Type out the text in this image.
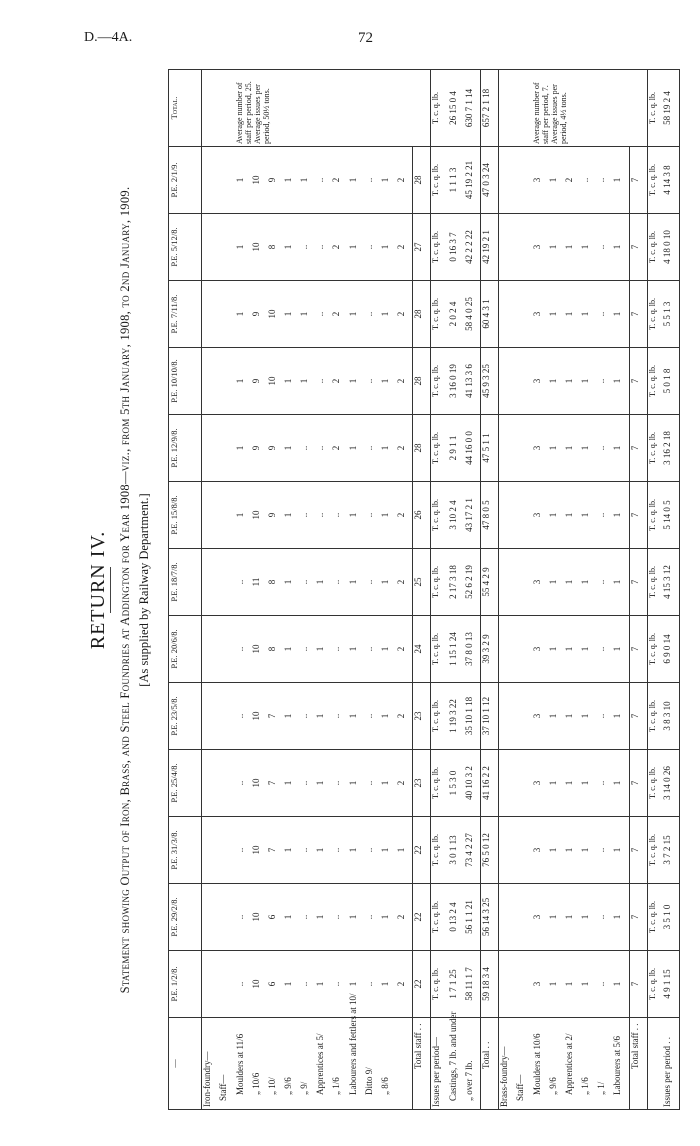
D.—4A.	72
RETURN IV. Statement showing Output of Iron, Brass, and Steel Foundries at Addington for Year 1908—viz., from 5th January, 1908, to 2nd January, 1909. [As supplied by Railway Department.]
—	P.E. 1/2/8.	P.E. 29/2/8.	P.E. 31/3/8.	P.E. 25/4/8.	P.E. 23/5/8.	P.E. 20/6/8.	P.E. 18/7/8.	P.E. 15/8/8.	P.E. 12/9/8.	P.E. 10/10/8.	P.E. 7/11/8.	P.E. 5/12/8.	P.E. 2/1/9.	Total.
Iron-foundry—														
Staff—														
Moulders at 11/6	..	..	..	..	..	..	..	1	1	1	1	1	1	Average number of staff per period, 25. Average issues per period, 50½ tons.
„ 10/6	10	10	10	10	10	10	11	10	9	9	9	10	10	
„ 10/	6	6	7	7	7	8	8	9	9	10	10	8	9	
„ 9/6	1	1	1	1	1	1	1	1	1	1	1	1	1	
„ 9/	..	..	..	..	..	..	..	..	..	1	1	..	1	
Apprentices at 5/	1	1	1	1	1	1	1	..	..	..	..	..	..	
„ 1/6	..	..	..	..	..	..	..	..	2	2	2	2	2	
Labourers and fettlers at 10/	1	1	1	1	1	1	1	1	1	1	1	1	1	
Ditto 9/	..	..	..	..	..	..	..	..	..	..	..	..	..	
„ 8/6	1	1	1	1	1	1	1	1	1	1	1	1	1	
	2	2	1	2	2	2	2	2	2	2	2	2	2	
Total staff . .	22	22	22	23	23	24	25	26	28	28	28	27	28	
Issues per period—	T. c. q. lb.	T. c. q. lb.	T. c. q. lb.	T. c. q. lb.	T. c. q. lb.	T. c. q. lb.	T. c. q. lb.	T. c. q. lb.	T. c. q. lb.	T. c. q. lb.	T. c. q. lb.	T. c. q. lb.	T. c. q. lb.	T. c. q. lb.
Castings, 7 lb. and under	1 7 1 25	0 13 2 4	3 0 1 13	1 5 3 0	1 19 3 22	1 15 1 24	2 17 3 18	3 10 2 4	2 9 1 1	3 16 0 19	2 0 2 4	0 16 3 7	1 1 1 3	26 15 0 4
„ over 7 lb.	58 11 1 7	56 1 1 21	73 4 2 27	40 10 3 2	35 10 1 18	37 8 0 13	52 6 2 19	43 17 2 1	44 16 0 0	41 13 3 6	58 4 0 25	42 2 2 22	45 19 2 21	630 7 1 14
Total . .	59 18 3 4	56 14 3 25	76 5 0 12	41 16 2 2	37 10 1 12	39 3 2 9	55 4 2 9	47 8 0 5	47 5 1 1	45 9 3 25	60 4 3 1	42 19 2 1	47 0 3 24	657 2 1 18
Brass-foundry—														
Staff—														
Moulders at 10/6	3	3	3	3	3	3	3	3	3	3	3	3	3	Average number of staff per period, 7. Average issues per period, 4½ tons.
„ 9/6	1	1	1	1	1	1	1	1	1	1	1	1	1	
Apprentices at 2/	1	1	1	1	1	1	1	1	1	1	1	1	2	
„ 1/6	1	1	1	1	1	1	1	1	1	1	1	1	..	
„ 1/	..	..	..	..	..	..	..	..	..	..	..	..	..	
Labourers at 5/6	1	1	1	1	1	1	1	1	1	1	1	1	1	
Total staff . .	7	7	7	7	7	7	7	7	7	7	7	7	7	
	T. c. q. lb.	T. c. q. lb.	T. c. q. lb.	T. c. q. lb.	T. c. q. lb.	T. c. q. lb.	T. c. q. lb.	T. c. q. lb.	T. c. q. lb.	T. c. q. lb.	T. c. q. lb.	T. c. q. lb.	T. c. q. lb.	T. c. q. lb.
Issues per period . .	4 9 1 15	3 5 1 0	3 7 2 15	3 14 0 26	3 8 3 10	6 9 0 14	4 15 3 12	5 14 0 5	3 16 2 18	5 0 1 8	5 5 1 3	4 18 0 10	4 14 3 8	58 19 2 4
